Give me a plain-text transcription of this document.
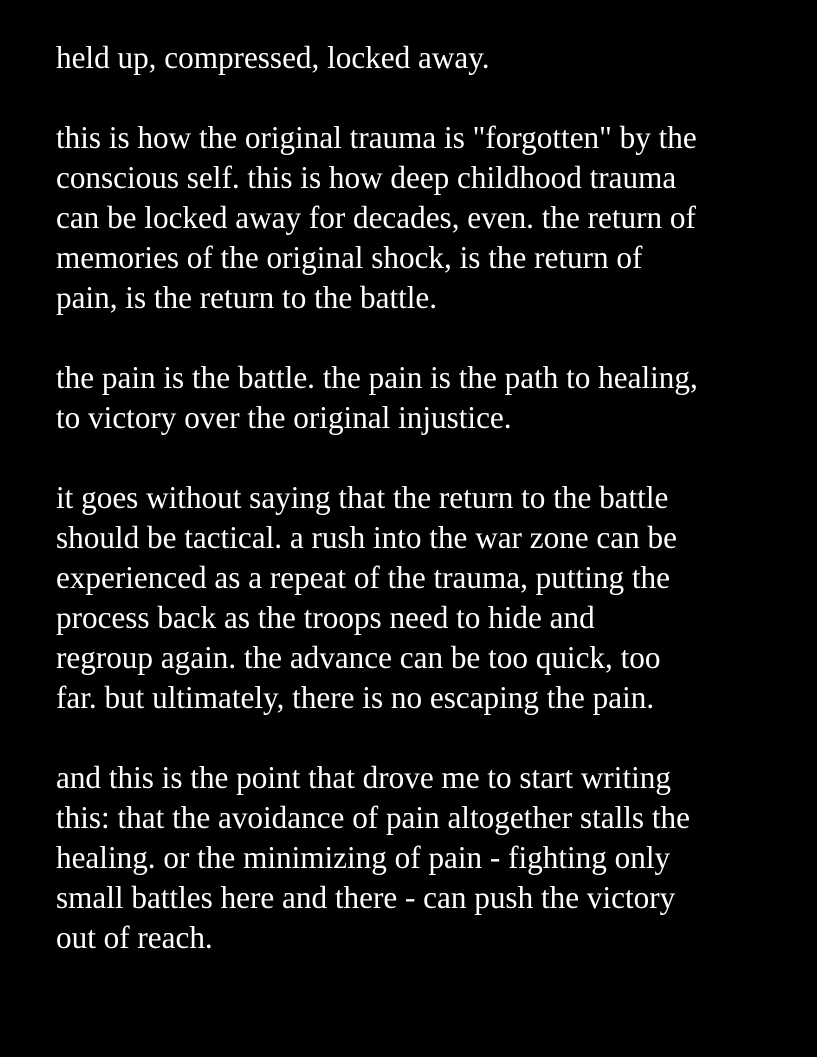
held up, compressed, locked away.
this is how the original trauma is "forgotten" by the
conscious self. this is how deep childhood trauma
can be locked away for decades, even. the return of
memories of the original shock, is the return of
pain, is the return to the battle.
the pain is the battle. the pain is the path to healing,
to victory over the original injustice.
it goes without saying that the return to the battle
should be tactical. a rush into the war zone can be
experienced as a repeat of the trauma, putting the
process back as the troops need to hide and
regroup again. the advance can be too quick, too
far. but ultimately, there is no escaping the pain.
and this is the point that drove me to start writing
this: that the avoidance of pain altogether stalls the
healing. or the minimizing of pain - fighting only
small battles here and there - can push the victory
out of reach.
